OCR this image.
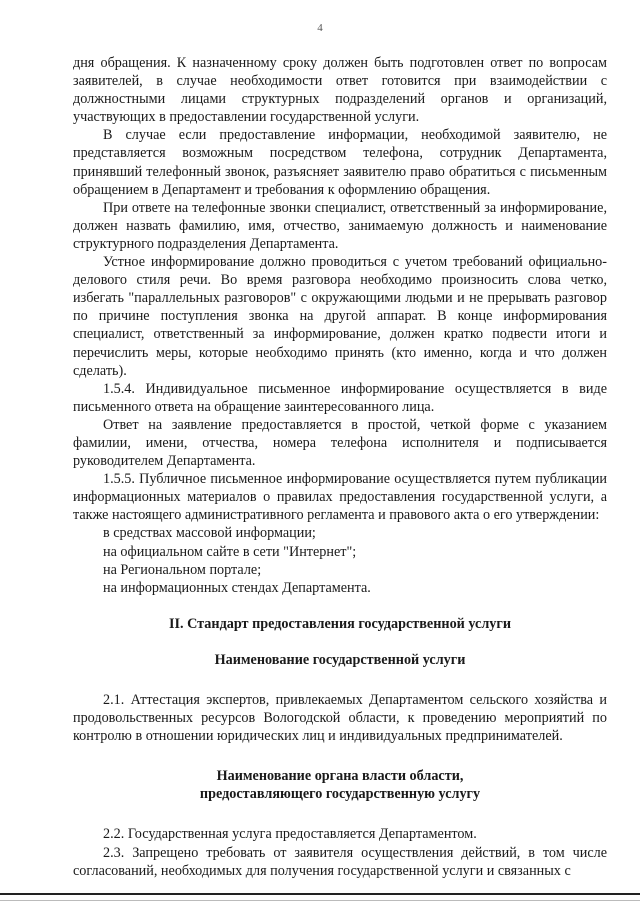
4

дня обращения. К назначенному сроку должен быть подготовлен ответ по вопросам заявителей, в случае необходимости ответ готовится при взаимодействии с должностными лицами структурных подразделений органов и организаций, участвующих в предоставлении государственной услуги.

В случае если предоставление информации, необходимой заявителю, не представляется возможным посредством телефона, сотрудник Департамента, принявший телефонный звонок, разъясняет заявителю право обратиться с письменным обращением в Департамент и требования к оформлению обращения.

При ответе на телефонные звонки специалист, ответственный за информирование, должен назвать фамилию, имя, отчество, занимаемую должность и наименование структурного подразделения Департамента.

Устное информирование должно проводиться с учетом требований официально-делового стиля речи. Во время разговора необходимо произносить слова четко, избегать "параллельных разговоров" с окружающими людьми и не прерывать разговор по причине поступления звонка на другой аппарат. В конце информирования специалист, ответственный за информирование, должен кратко подвести итоги и перечислить меры, которые необходимо принять (кто именно, когда и что должен сделать).

1.5.4. Индивидуальное письменное информирование осуществляется в виде письменного ответа на обращение заинтересованного лица.

Ответ на заявление предоставляется в простой, четкой форме с указанием фамилии, имени, отчества, номера телефона исполнителя и подписывается руководителем Департамента.

1.5.5. Публичное письменное информирование осуществляется путем публикации информационных материалов о правилах предоставления государственной услуги, а также настоящего административного регламента и правового акта о его утверждении:

в средствах массовой информации;
на официальном сайте в сети "Интернет";
на Региональном портале;
на информационных стендах Департамента.
II. Стандарт предоставления государственной услуги
Наименование государственной услуги

2.1. Аттестация экспертов, привлекаемых Департаментом сельского хозяйства и продовольственных ресурсов Вологодской области, к проведению мероприятий по контролю в отношении юридических лиц и индивидуальных предпринимателей.

Наименование органа власти области,
предоставляющего государственную услугу

2.2. Государственная услуга предоставляется Департаментом.

2.3. Запрещено требовать от заявителя осуществления действий, в том числе согласований, необходимых для получения государственной услуги и связанных с
